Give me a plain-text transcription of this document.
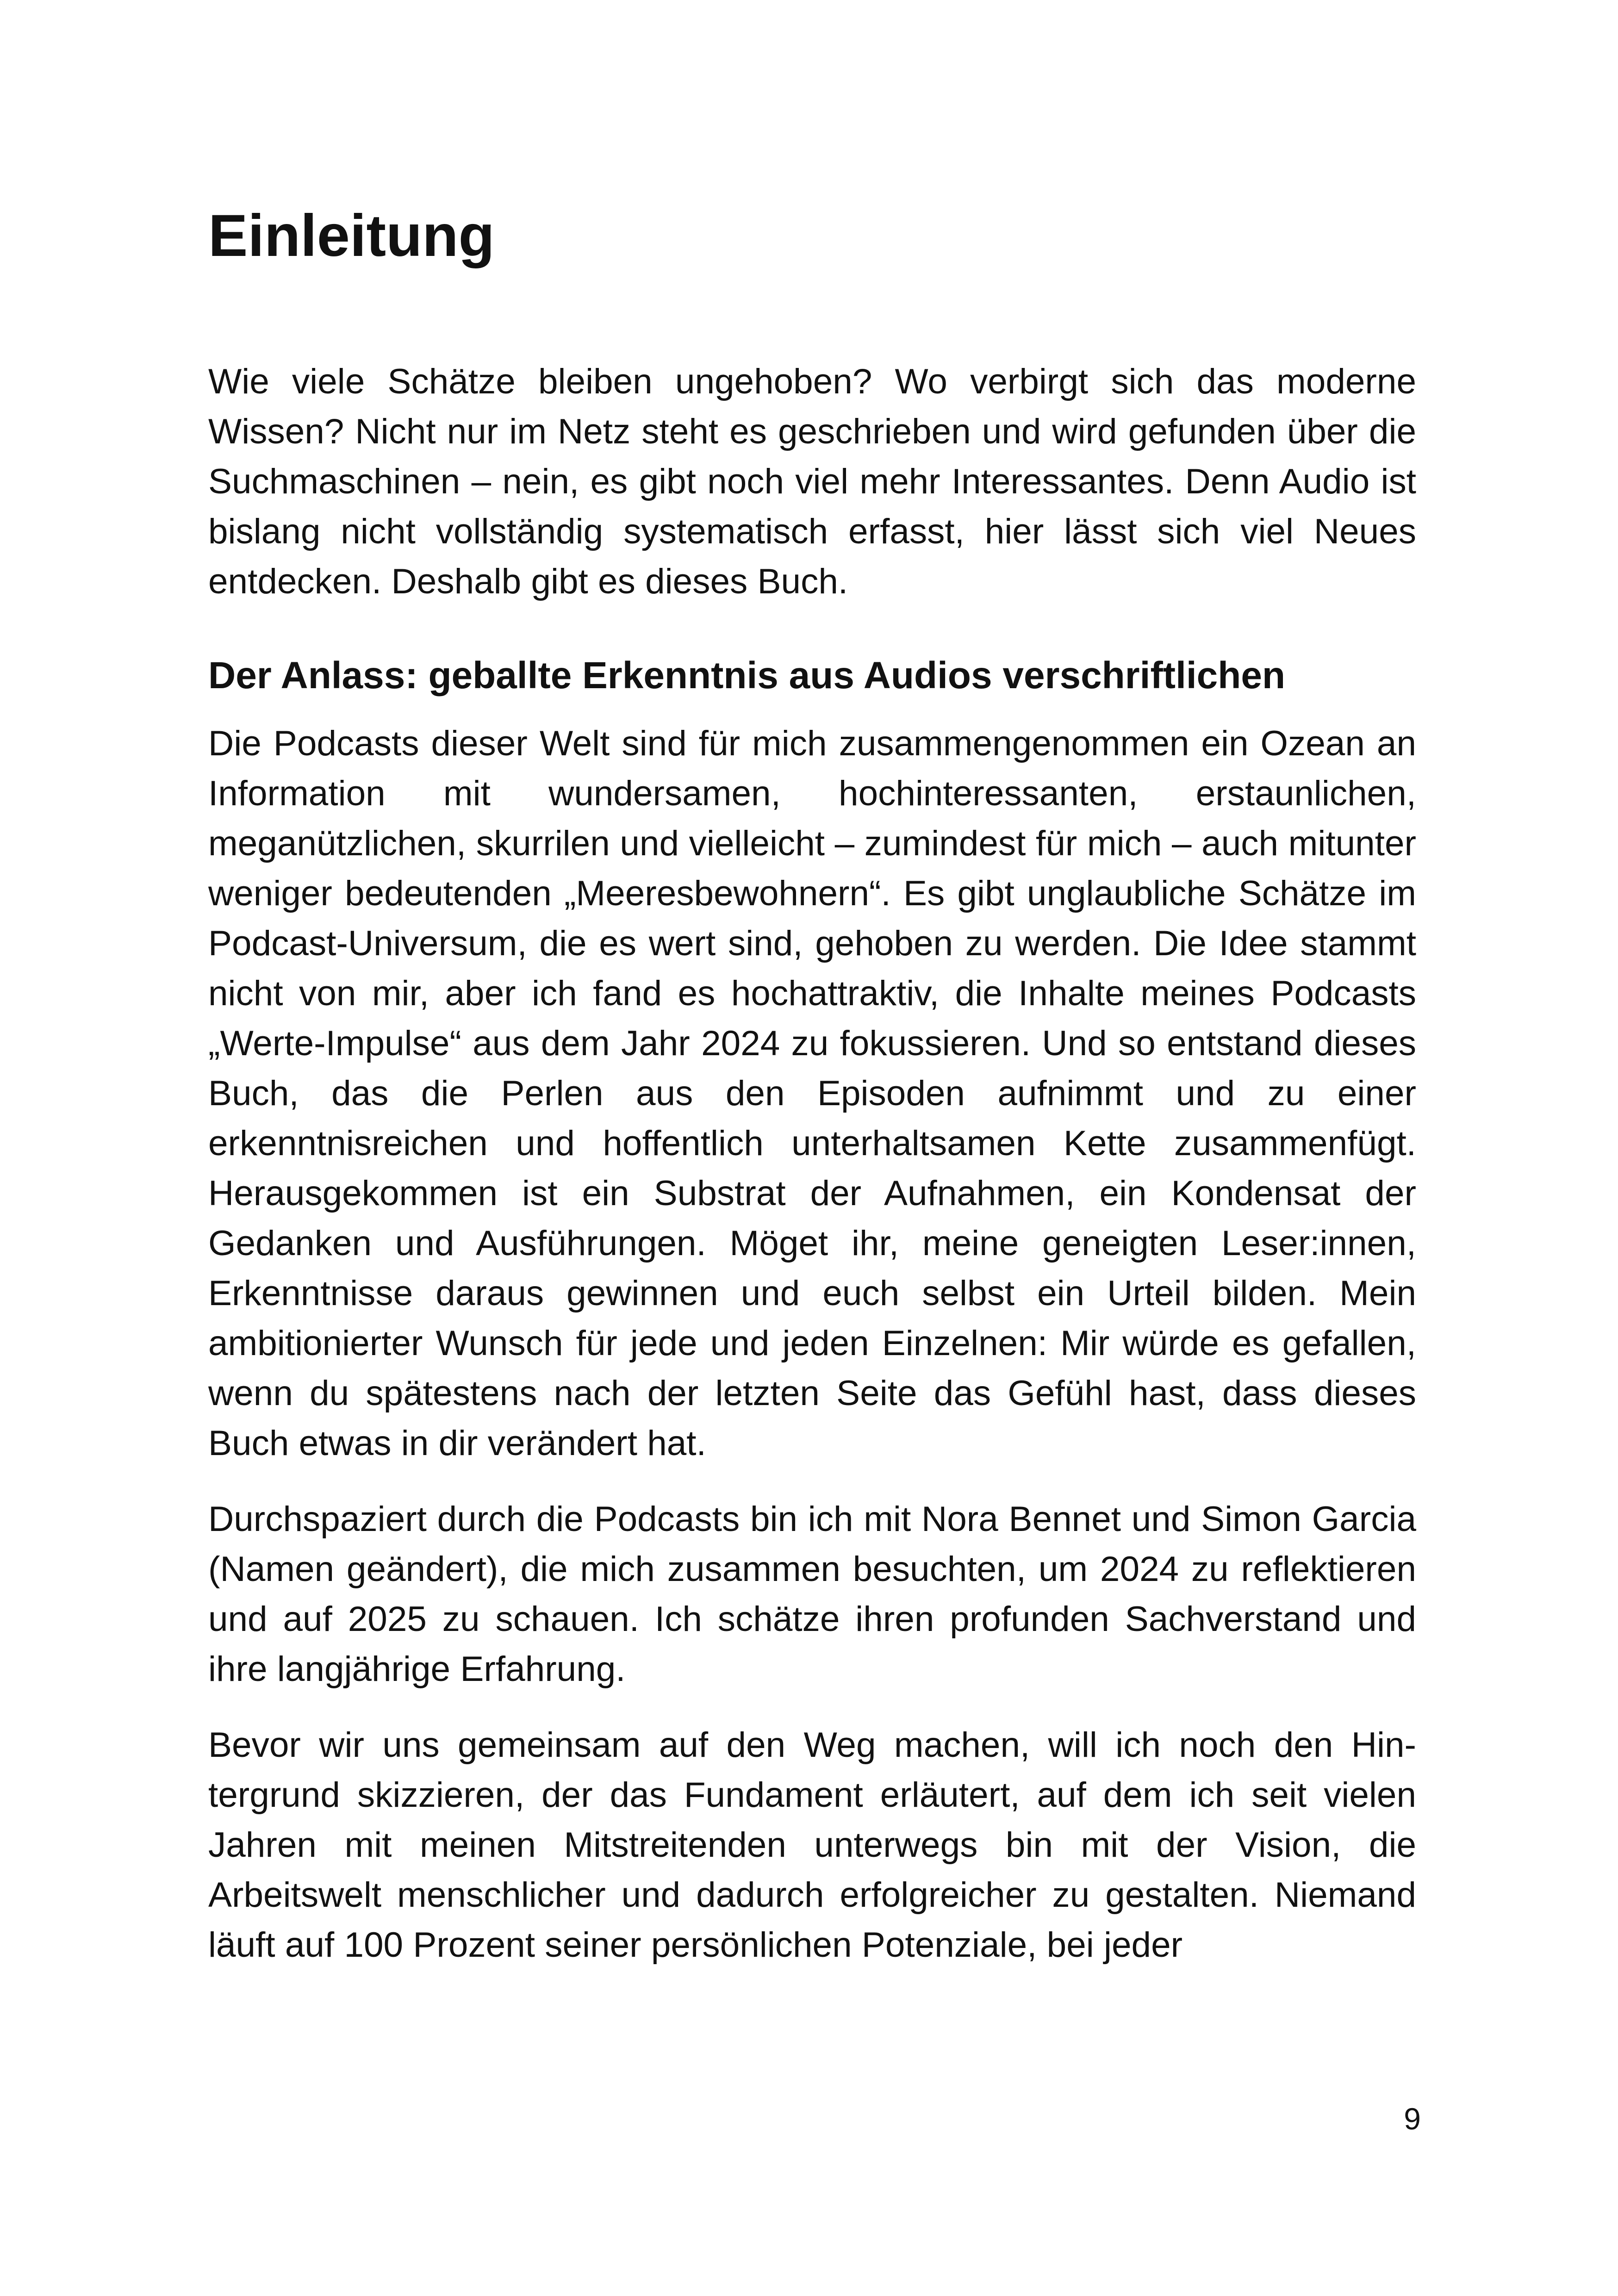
Einleitung

Wie viele Schätze bleiben ungehoben? Wo verbirgt sich das moderne Wissen? Nicht nur im Netz steht es geschrieben und wird gefunden über die Suchmaschinen – nein, es gibt noch viel mehr Interessantes. Denn Audio ist bislang nicht vollständig systematisch erfasst, hier lässt sich viel Neues entdecken. Deshalb gibt es dieses Buch.

Der Anlass: geballte Erkenntnis aus Audios verschriftlichen

Die Podcasts dieser Welt sind für mich zusammengenommen ein Ozean an Information mit wundersamen, hochinteressanten, erstaunlichen, meganützlichen, skurrilen und vielleicht – zumindest für mich – auch mitunter weniger bedeutenden „Meeresbewohnern“. Es gibt unglaubliche Schätze im Podcast-Universum, die es wert sind, gehoben zu werden. Die Idee stammt nicht von mir, aber ich fand es hochattraktiv, die Inhalte meines Podcasts „Werte-Impulse“ aus dem Jahr 2024 zu fokussieren. Und so entstand dieses Buch, das die Perlen aus den Episoden aufnimmt und zu einer erkenntnisreichen und hoffentlich unterhaltsamen Kette zusammenfügt. Herausgekommen ist ein Substrat der Aufnahmen, ein Kondensat der Gedanken und Ausführungen. Möget ihr, meine geneigten Leser:innen, Erkenntnisse daraus gewinnen und euch selbst ein Urteil bilden. Mein ambitionierter Wunsch für jede und jeden Einzelnen: Mir würde es gefallen, wenn du spätestens nach der letzten Seite das Gefühl hast, dass dieses Buch etwas in dir verändert hat.

Durchspaziert durch die Podcasts bin ich mit Nora Bennet und Simon Garcia (Namen geändert), die mich zusammen besuchten, um 2024 zu reflektieren und auf 2025 zu schauen. Ich schätze ihren profunden Sachverstand und ihre langjährige Erfahrung.

Bevor wir uns gemeinsam auf den Weg machen, will ich noch den Hintergrund skizzieren, der das Fundament erläutert, auf dem ich seit vielen Jahren mit meinen Mitstreitenden unterwegs bin mit der Vision, die Arbeitswelt menschlicher und dadurch erfolgreicher zu gestalten. Niemand läuft auf 100 Prozent seiner persönlichen Potenziale, bei jeder

9
